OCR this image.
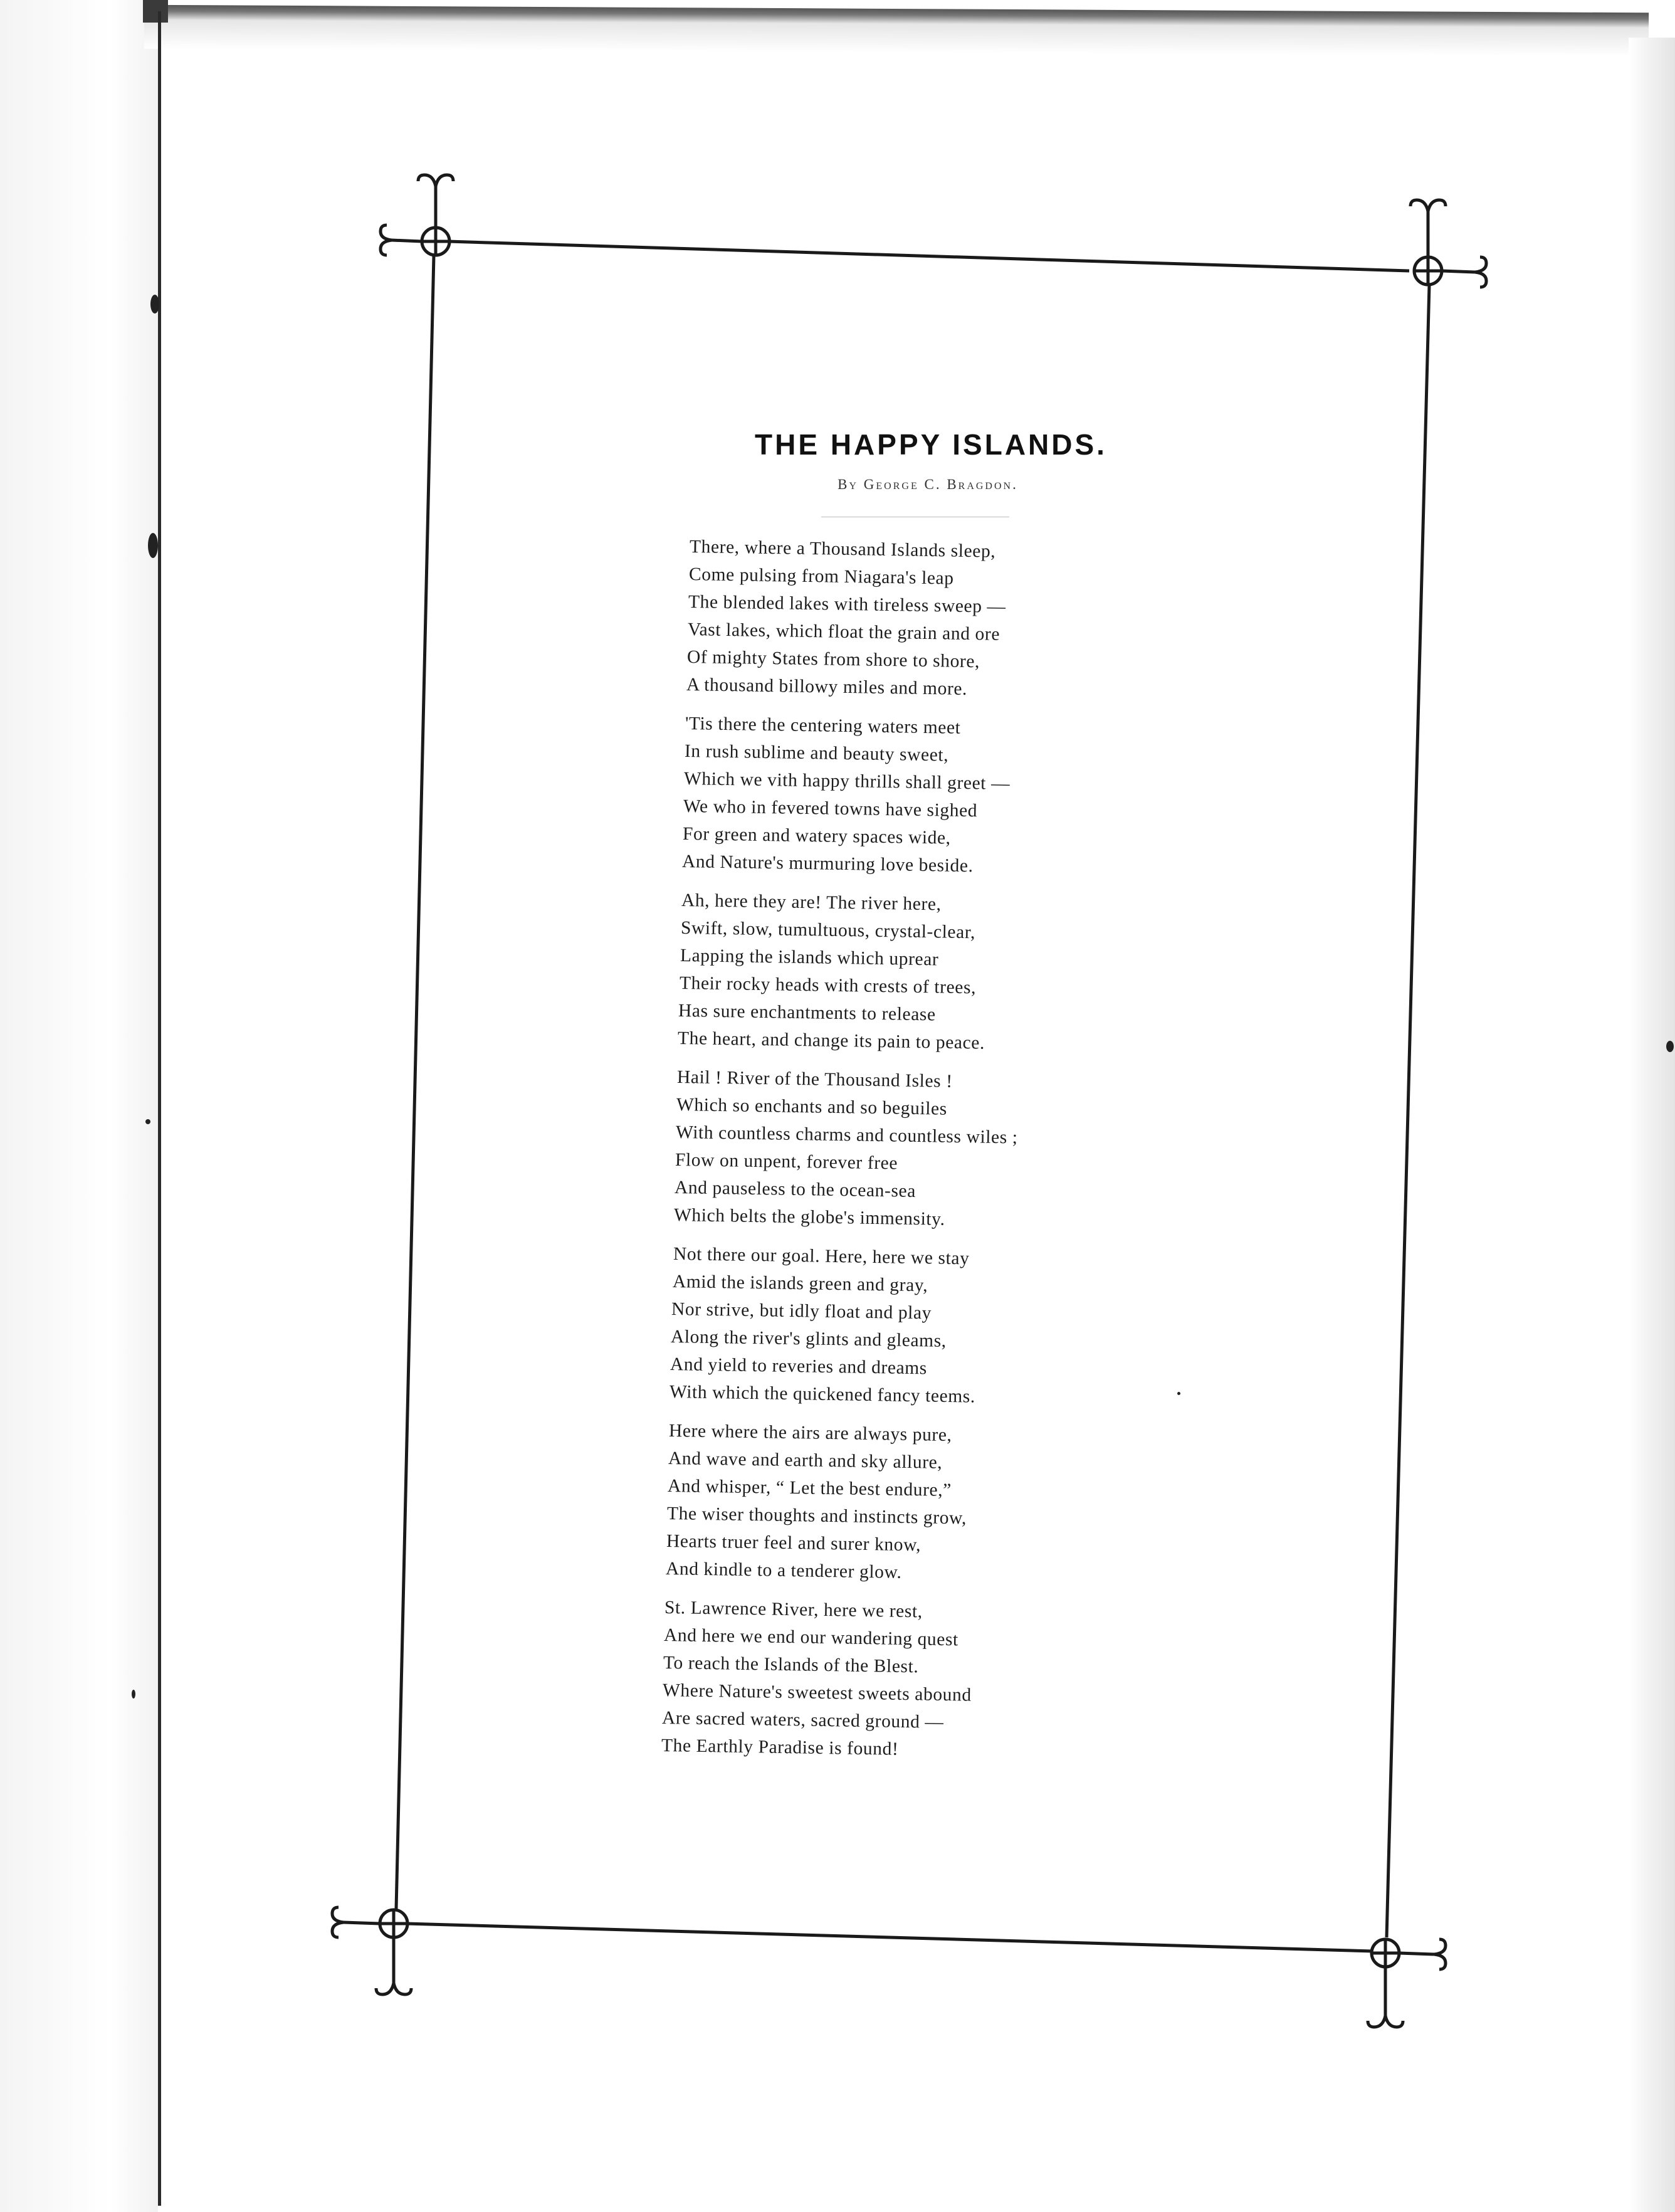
THE HAPPY ISLANDS.
By George C. Bragdon.
There, where a Thousand Islands sleep,
Come pulsing from Niagara's leap
The blended lakes with tireless sweep —
Vast lakes, which float the grain and ore
Of mighty States from shore to shore,
A thousand billowy miles and more.
'Tis there the centering waters meet
In rush sublime and beauty sweet,
Which we vith happy thrills shall greet —
We who in fevered towns have sighed
For green and watery spaces wide,
And Nature's murmuring love beside.
Ah, here they are! The river here,
Swift, slow, tumultuous, crystal-clear,
Lapping the islands which uprear
Their rocky heads with crests of trees,
Has sure enchantments to release
The heart, and change its pain to peace.
Hail ! River of the Thousand Isles !
Which so enchants and so beguiles
With countless charms and countless wiles ;
Flow on unpent, forever free
And pauseless to the ocean-sea
Which belts the globe's immensity.
Not there our goal. Here, here we stay
Amid the islands green and gray,
Nor strive, but idly float and play
Along the river's glints and gleams,
And yield to reveries and dreams
With which the quickened fancy teems.
Here where the airs are always pure,
And wave and earth and sky allure,
And whisper, “ Let the best endure,”
The wiser thoughts and instincts grow,
Hearts truer feel and surer know,
And kindle to a tenderer glow.
St. Lawrence River, here we rest,
And here we end our wandering quest
To reach the Islands of the Blest.
Where Nature's sweetest sweets abound
Are sacred waters, sacred ground —
The Earthly Paradise is found!
